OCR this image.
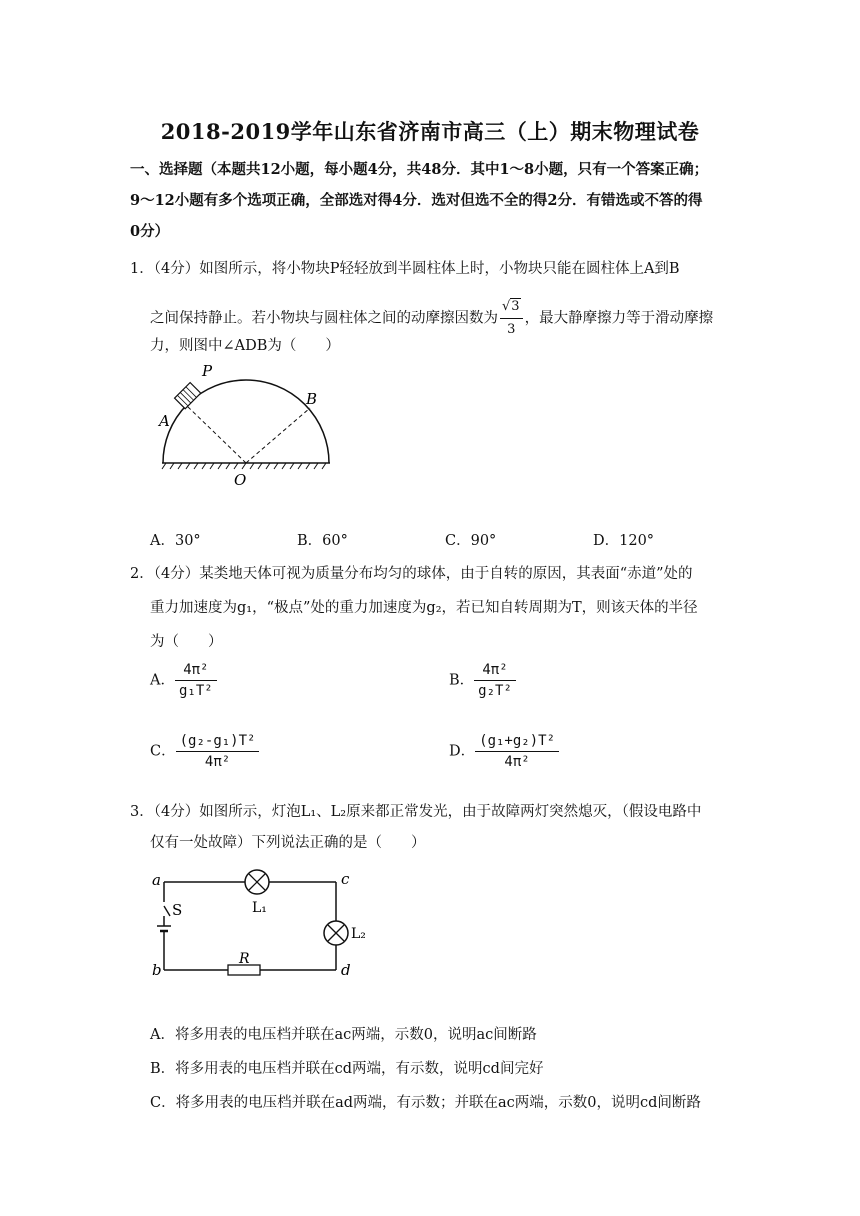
2018-2019学年山东省济南市高三（上）期末物理试卷
一、选择题（本题共12小题，每小题4分，共48分．其中1～8小题，只有一个答案正确；
9～12小题有多个选项正确，全部选对得4分．选对但选不全的得2分．有错选或不答的得
0分）
1．（4分）如图所示，将小物块P轻轻放到半圆柱体上时，小物块只能在圆柱体上A到B
之间保持静止。若小物块与圆柱体之间的动摩擦因数为 $\frac{√3}{3}$ ，最大静摩擦力等于滑动摩擦
力，则图中∠ADB为（　　）
P
A
B
O
A．30°	B．60°	C．90°	D．120°
2．（4分）某类地天体可视为质量分布均匀的球体，由于自转的原因，其表面“赤道”处的
重力加速度为g₁，“极点”处的重力加速度为g₂，若已知自转周期为T，则该天体的半径
为（　　）
A． $\frac{\text{4π²}}{\text{g₁T²}}$	B． $\frac{\text{4π²}}{\text{g₂T²}}$
C． $\frac{\text{(g₂-g₁)T²}}{\text{4π²}}$	D． $\frac{\text{(g₁+g₂)T²}}{\text{4π²}}$
3．（4分）如图所示，灯泡L₁、L₂原来都正常发光，由于故障两灯突然熄灭，（假设电路中
仅有一处故障）下列说法正确的是（　　）
a
b
c
d
S	L₁
L₂
R
A．将多用表的电压档并联在ac两端，示数0，说明ac间断路
B．将多用表的电压档并联在cd两端，有示数，说明cd间完好
C．将多用表的电压档并联在ad两端，有示数；并联在ac两端，示数0，说明cd间断路
